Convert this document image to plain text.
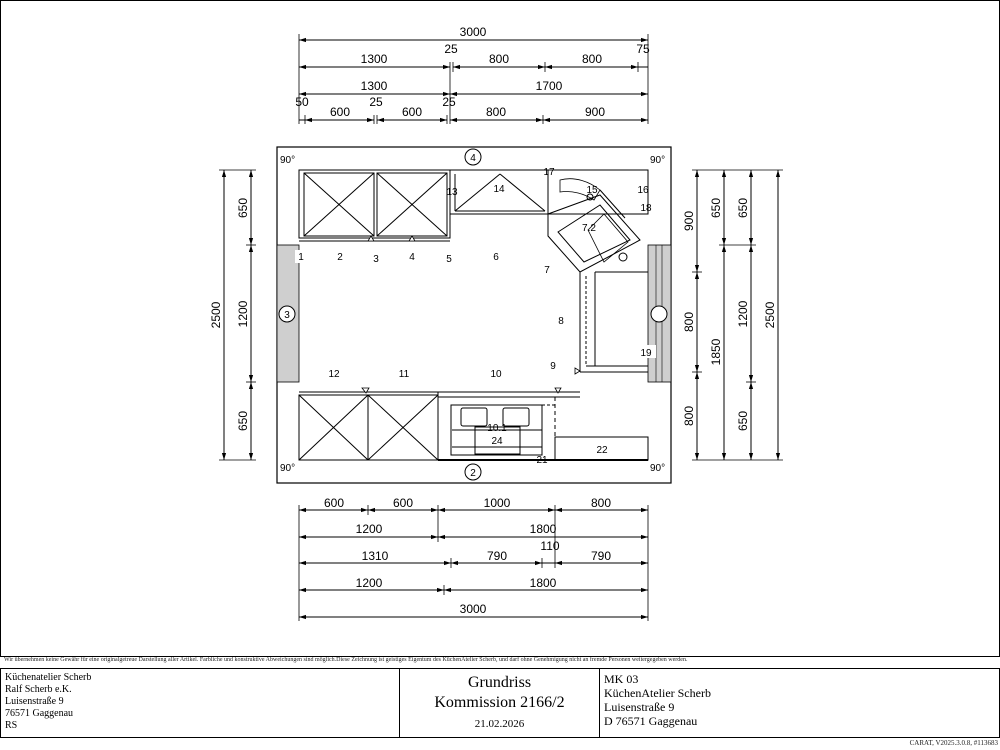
3000
1300
25
800	800
75
1300	1700
50
600
25
600
25
800	900
4
2
3
90°	90°
90°	90°
1	2	3	4	5	6
7
7.2
8
9
10
11
12
13	14	15	16
17
18
19
10.1
24
21
22
2500
650
1200
650
900
800
800
650
1850
650
1200
650
2500
600	600	1000	800
1200	1800
1310	790
110
790
1200	1800
3000
Wir übernehmen keine Gewähr für eine originalgetreue Darstellung aller Artikel. Farbliche und konstruktive Abweichungen sind möglich.Diese Zeichnung ist geistiges Eigentum des KüchenAtelier Scherb, und darf ohne Genehmigung nicht an fremde Personen weitergegeben werden.
Küchenatelier Scherb
Ralf Scherb e.K.
Luisenstraße 9
76571 Gaggenau
RS
Grundriss
Kommission 2166/2
21.02.2026
MK 03
KüchenAtelier Scherb
Luisenstraße 9
D 76571 Gaggenau
CARAT, V2025.3.0.8, #113683
